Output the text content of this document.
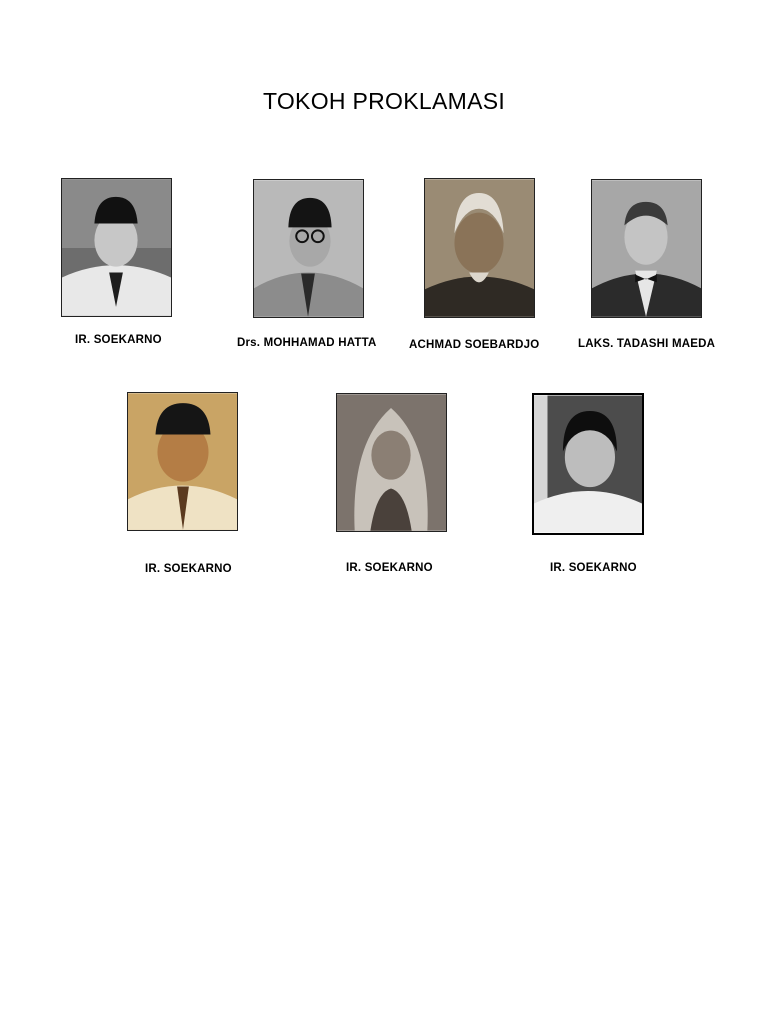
TOKOH PROKLAMASI
IR. SOEKARNO	Drs. MOHHAMAD HATTA	ACHMAD SOEBARDJO	LAKS. TADASHI MAEDA
IR. SOEKARNO	IR. SOEKARNO	IR. SOEKARNO
